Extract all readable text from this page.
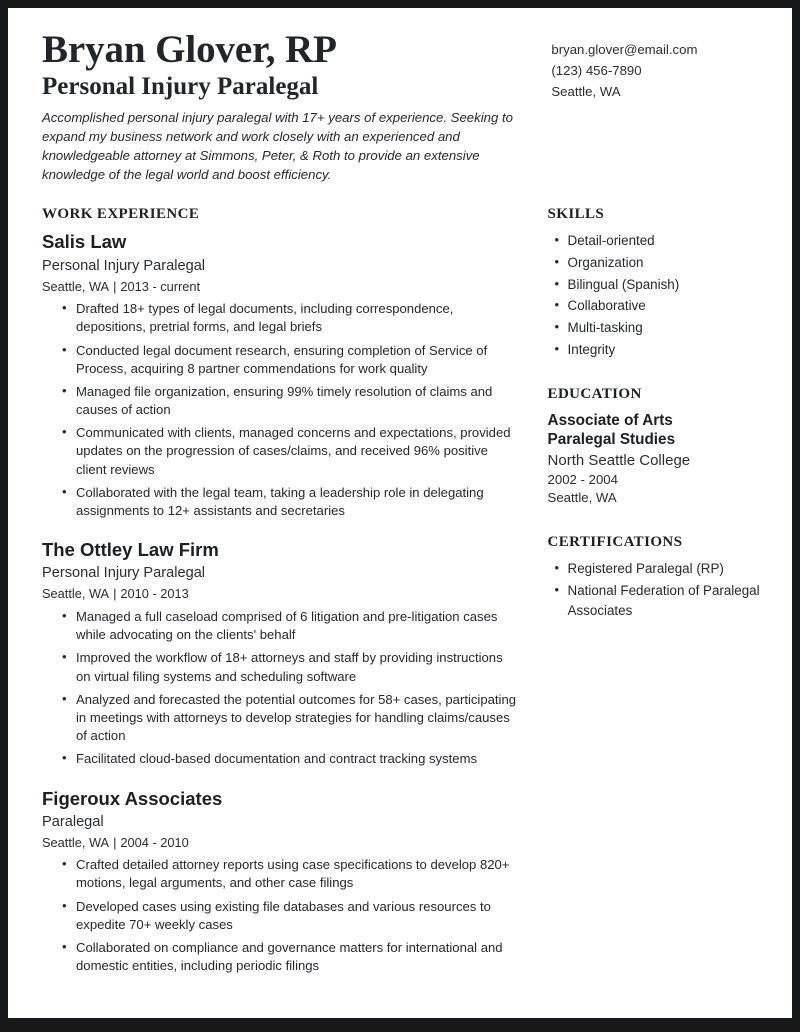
Bryan Glover, RP
Personal Injury Paralegal

Accomplished personal injury paralegal with 17+ years of experience. Seeking to expand my business network and work closely with an experienced and knowledgeable attorney at Simmons, Peter, & Roth to provide an extensive knowledge of the legal world and boost efficiency.

bryan.glover@email.com
(123) 456-7890
Seattle, WA
WORK EXPERIENCE
Salis Law
Personal Injury Paralegal
Seattle, WA | 2013 - current
• Drafted 18+ types of legal documents, including correspondence, depositions, pretrial forms, and legal briefs
• Conducted legal document research, ensuring completion of Service of Process, acquiring 8 partner commendations for work quality
• Managed file organization, ensuring 99% timely resolution of claims and causes of action
• Communicated with clients, managed concerns and expectations, provided updates on the progression of cases/claims, and received 96% positive client reviews
• Collaborated with the legal team, taking a leadership role in delegating assignments to 12+ assistants and secretaries
The Ottley Law Firm
Personal Injury Paralegal
Seattle, WA | 2010 - 2013
• Managed a full caseload comprised of 6 litigation and pre-litigation cases while advocating on the clients' behalf
• Improved the workflow of 18+ attorneys and staff by providing instructions on virtual filing systems and scheduling software
• Analyzed and forecasted the potential outcomes for 58+ cases, participating in meetings with attorneys to develop strategies for handling claims/causes of action
• Facilitated cloud-based documentation and contract tracking systems
Figeroux Associates
Paralegal
Seattle, WA | 2004 - 2010
• Crafted detailed attorney reports using case specifications to develop 820+ motions, legal arguments, and other case filings
• Developed cases using existing file databases and various resources to expedite 70+ weekly cases
• Collaborated on compliance and governance matters for international and domestic entities, including periodic filings
SKILLS
• Detail-oriented
• Organization
• Bilingual (Spanish)
• Collaborative
• Multi-tasking
• Integrity
EDUCATION

Associate of Arts

Paralegal Studies

North Seattle College

2002 - 2004

Seattle, WA

CERTIFICATIONS
• Registered Paralegal (RP)
• National Federation of Paralegal Associates
